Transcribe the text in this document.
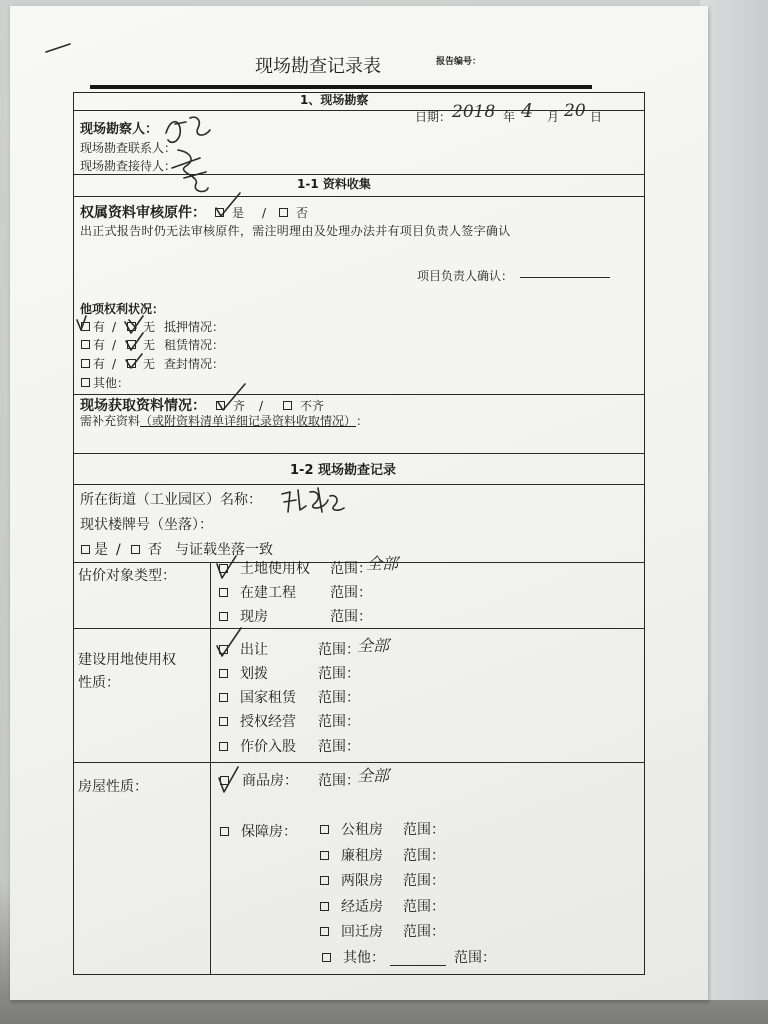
现场勘查记录表	报告编号：
1、现场勘察
日期： 2018 年 4 月 20 日
现场勘察人：
现场勘查联系人：
现场勘查接待人：
1-1 资料收集
权属资料审核原件： 是 / 否
出正式报告时仍无法审核原件，需注明理由及处理办法并有项目负责人签字确认
项目负责人确认：
他项权利状况：
有 / 无 抵押情况：
有 / 无 租赁情况：
有 / 无 查封情况：
其他：
现场获取资料情况： 齐 /	不齐
需补充资料 （或附资料清单详细记录资料收取情况） ：
1-2 现场勘查记录
所在街道（工业园区）名称：
现状楼牌号（坐落）：
是 / 否 与证载坐落一致
估价对象类型：	土地使用权 范围：
全部
在建工程 范围：
现房	范围：
建设用地使用权
性质：
出让	范围：
全部
划拨	范围：
国家租赁 范围：
授权经营 范围：
作价入股 范围：
房屋性质：	商品房： 范围：
全部
保障房：	公租房 范围：
廉租房 范围：
两限房 范围：
经适房 范围：
回迁房 范围：
其他：	范围：
